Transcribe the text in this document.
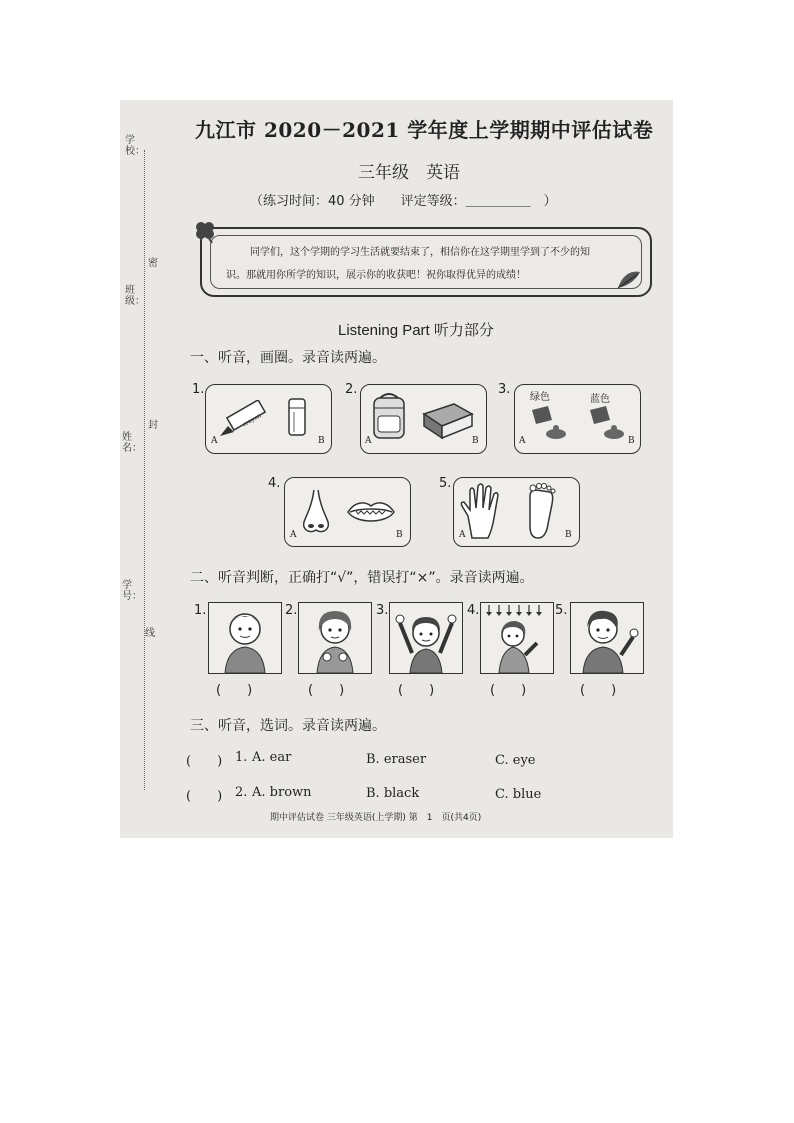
学校：
班级：
姓名：
学号：
密
封
线
九江市 2020－2021 学年度上学期期中评估试卷
三年级　英语
（练习时间：40 分钟　　评定等级：＿＿＿＿＿　）
同学们，这个学期的学习生活就要结束了，相信你在这学期里学到了不少的知
识。那就用你所学的知识，展示你的收获吧！祝你取得优异的成绩！
Listening Part 听力部分
一、听音，画圈。录音读两遍。
1.
crayon
A	B
2.
A	B
3.
绿色	蓝色
A	B
4.
A	B
5.
A	B
二、听音判断，正确打“√”，错误打“×”。录音读两遍。
1.
(　　)
2.
(　　)
3.
(　　)
5.
4.
(　　)	(　　)
三、听音，选词。录音读两遍。
(　　) 1. A. ear	B. eraser	C. eye
(　　) 2. A. brown	B. black	C. blue
期中评估试卷 三年级英语(上学期) 第　1　页(共4页)
